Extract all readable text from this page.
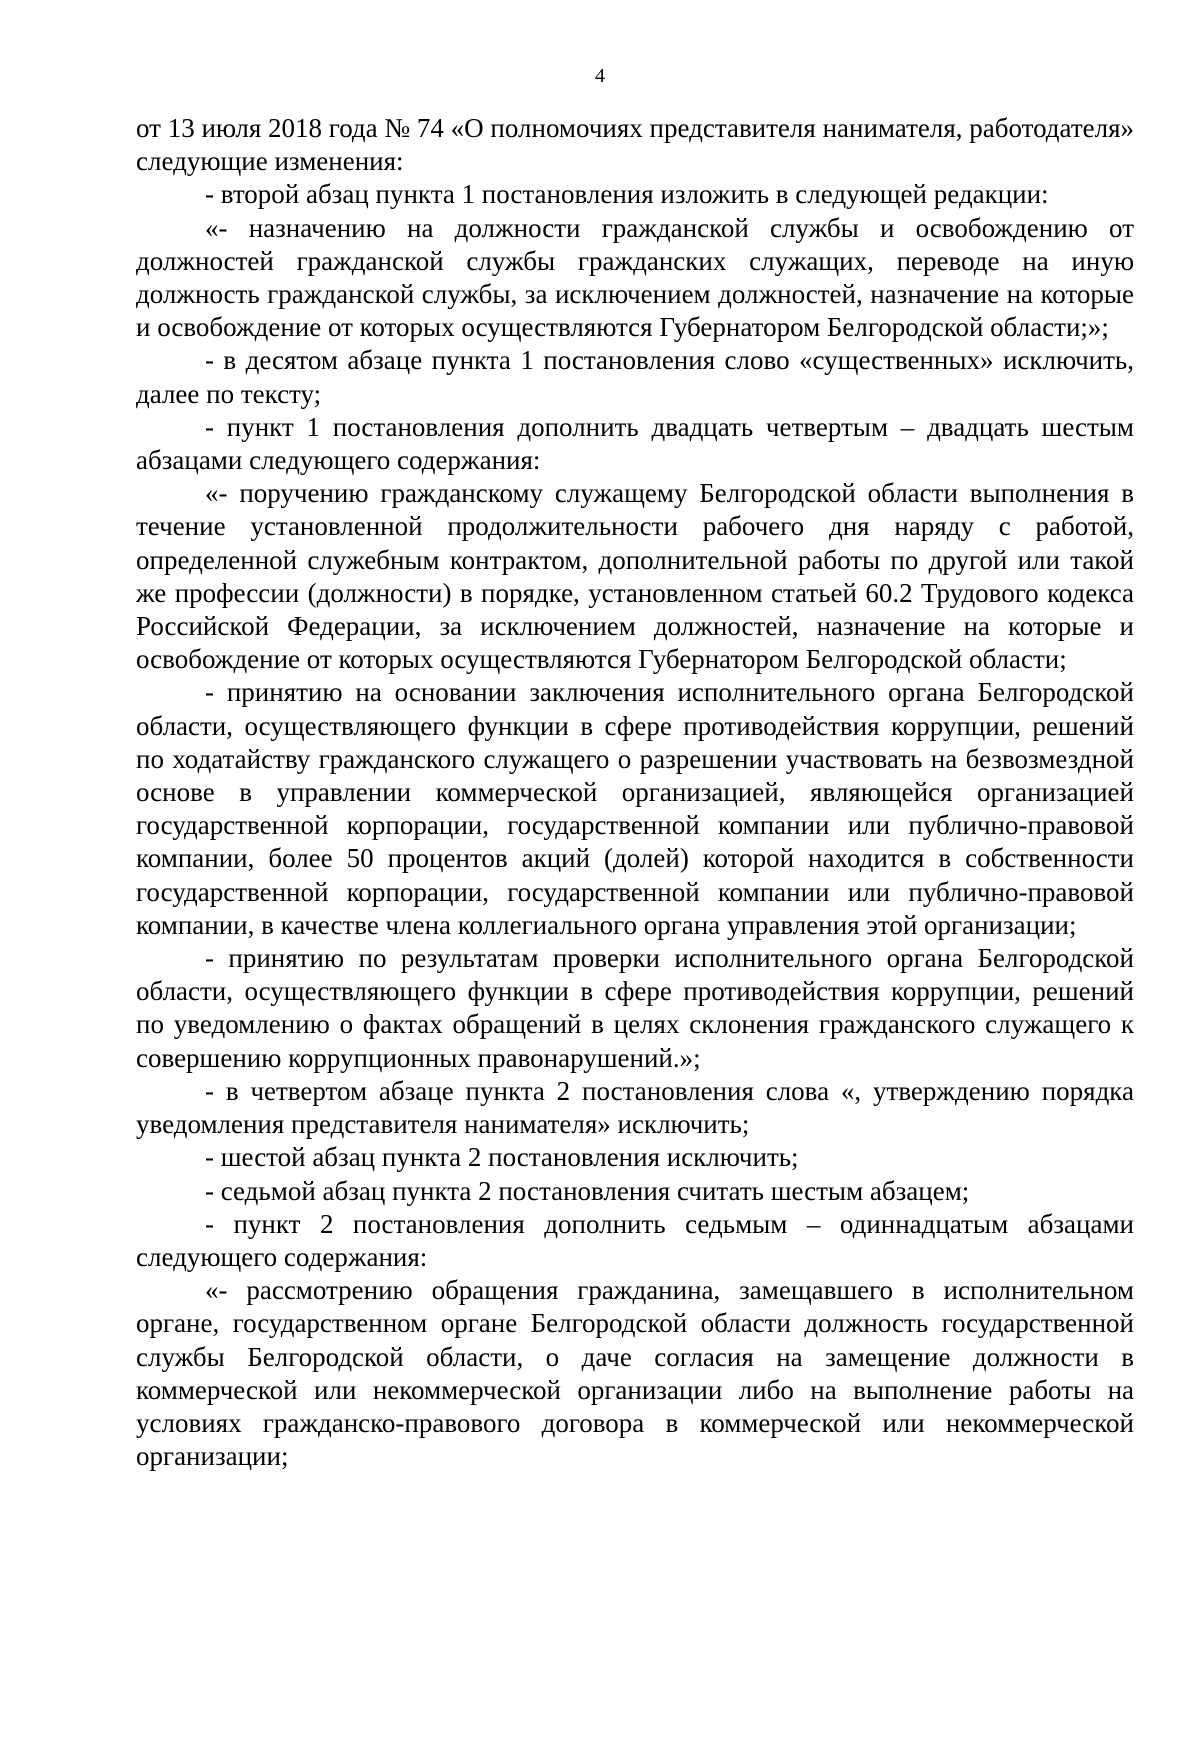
4

от 13 июля 2018 года № 74 «О полномочиях представителя нанимателя, работодателя» следующие изменения:

- второй абзац пункта 1 постановления изложить в следующей редакции:

«- назначению на должности гражданской службы и освобождению от должностей гражданской службы гражданских служащих, переводе на иную должность гражданской службы, за исключением должностей, назначение на которые и освобождение от которых осуществляются Губернатором Белгородской области;»;

- в десятом абзаце пункта 1 постановления слово «существенных» исключить, далее по тексту;

- пункт 1 постановления дополнить двадцать четвертым – двадцать шестым абзацами следующего содержания:

«- поручению гражданскому служащему Белгородской области выполнения в течение установленной продолжительности рабочего дня наряду с работой, определенной служебным контрактом, дополнительной работы по другой или такой же профессии (должности) в порядке, установленном статьей 60.2 Трудового кодекса Российской Федерации, за исключением должностей, назначение на которые и освобождение от которых осуществляются Губернатором Белгородской области;

- принятию на основании заключения исполнительного органа Белгородской области, осуществляющего функции в сфере противодействия коррупции, решений по ходатайству гражданского служащего о разрешении участвовать на безвозмездной основе в управлении коммерческой организацией, являющейся организацией государственной корпорации, государственной компании или публично-правовой компании, более 50 процентов акций (долей) которой находится в собственности государственной корпорации, государственной компании или публично-правовой компании, в качестве члена коллегиального органа управления этой организации;

- принятию по результатам проверки исполнительного органа Белгородской области, осуществляющего функции в сфере противодействия коррупции, решений по уведомлению о фактах обращений в целях склонения гражданского служащего к совершению коррупционных правонарушений.»;

- в четвертом абзаце пункта 2 постановления слова «, утверждению порядка уведомления представителя нанимателя» исключить;

- шестой абзац пункта 2 постановления исключить;

- седьмой абзац пункта 2 постановления считать шестым абзацем;

- пункт 2 постановления дополнить седьмым – одиннадцатым абзацами следующего содержания:

«- рассмотрению обращения гражданина, замещавшего в исполнительном органе, государственном органе Белгородской области должность государственной службы Белгородской области, о даче согласия на замещение должности в коммерческой или некоммерческой организации либо на выполнение работы на условиях гражданско-правового договора в коммерческой или некоммерческой организации;
